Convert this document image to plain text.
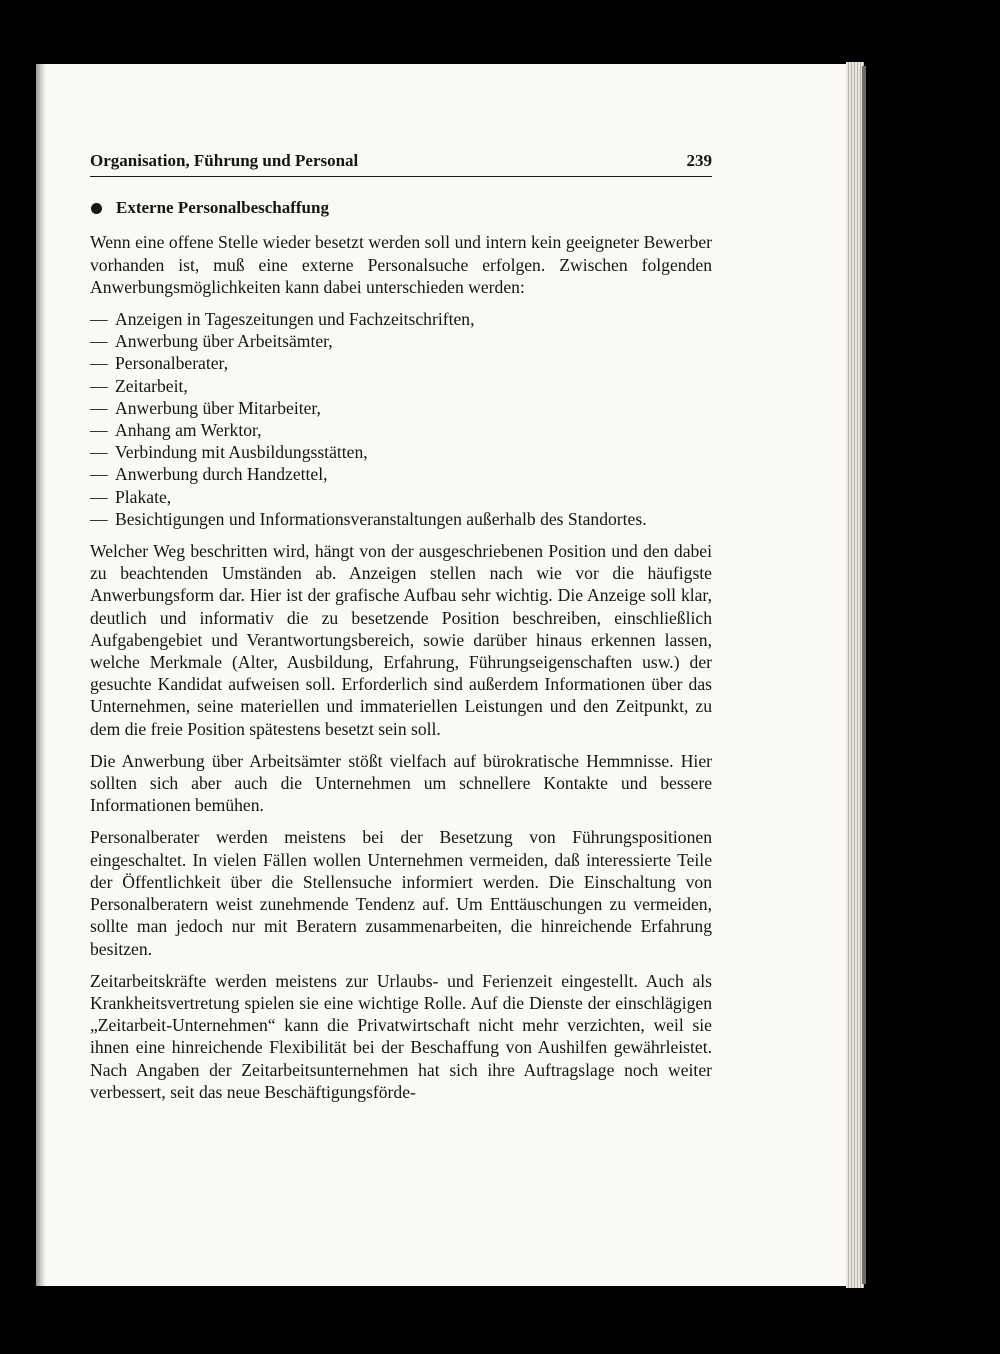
Organisation, Führung und Personal	239
Externe Personalbeschaffung

Wenn eine offene Stelle wieder besetzt werden soll und intern kein geeigneter Bewerber vorhanden ist, muß eine externe Personalsuche erfolgen. Zwischen folgenden Anwerbungsmöglichkeiten kann dabei unterschieden werden:

— Anzeigen in Tageszeitungen und Fachzeitschriften,
— Anwerbung über Arbeitsämter,
— Personalberater,
— Zeitarbeit,
— Anwerbung über Mitarbeiter,
— Anhang am Werktor,
— Verbindung mit Ausbildungsstätten,
— Anwerbung durch Handzettel,
— Plakate,
— Besichtigungen und Informationsveranstaltungen außerhalb des Standortes.

Welcher Weg beschritten wird, hängt von der ausgeschriebenen Position und den dabei zu beachtenden Umständen ab. Anzeigen stellen nach wie vor die häufigste Anwerbungsform dar. Hier ist der grafische Aufbau sehr wichtig. Die Anzeige soll klar, deutlich und informativ die zu besetzende Position beschreiben, einschließlich Aufgabengebiet und Verantwortungsbereich, sowie darüber hinaus erkennen lassen, welche Merkmale (Alter, Ausbildung, Erfahrung, Führungseigenschaften usw.) der gesuchte Kandidat aufweisen soll. Erforderlich sind außerdem Informationen über das Unternehmen, seine materiellen und immateriellen Leistungen und den Zeitpunkt, zu dem die freie Position spätestens besetzt sein soll.

Die Anwerbung über Arbeitsämter stößt vielfach auf bürokratische Hemmnisse. Hier sollten sich aber auch die Unternehmen um schnellere Kontakte und bessere Informationen bemühen.

Personalberater werden meistens bei der Besetzung von Führungspositionen eingeschaltet. In vielen Fällen wollen Unternehmen vermeiden, daß interessierte Teile der Öffentlichkeit über die Stellensuche informiert werden. Die Einschaltung von Personalberatern weist zunehmende Tendenz auf. Um Enttäuschungen zu vermeiden, sollte man jedoch nur mit Beratern zusammenarbeiten, die hinreichende Erfahrung besitzen.

Zeitarbeitskräfte werden meistens zur Urlaubs- und Ferienzeit eingestellt. Auch als Krankheitsvertretung spielen sie eine wichtige Rolle. Auf die Dienste der einschlägigen „Zeitarbeit-Unternehmen“ kann die Privatwirtschaft nicht mehr verzichten, weil sie ihnen eine hinreichende Flexibilität bei der Beschaffung von Aushilfen gewährleistet. Nach Angaben der Zeitarbeitsunternehmen hat sich ihre Auftragslage noch weiter verbessert, seit das neue Beschäftigungsförde-
